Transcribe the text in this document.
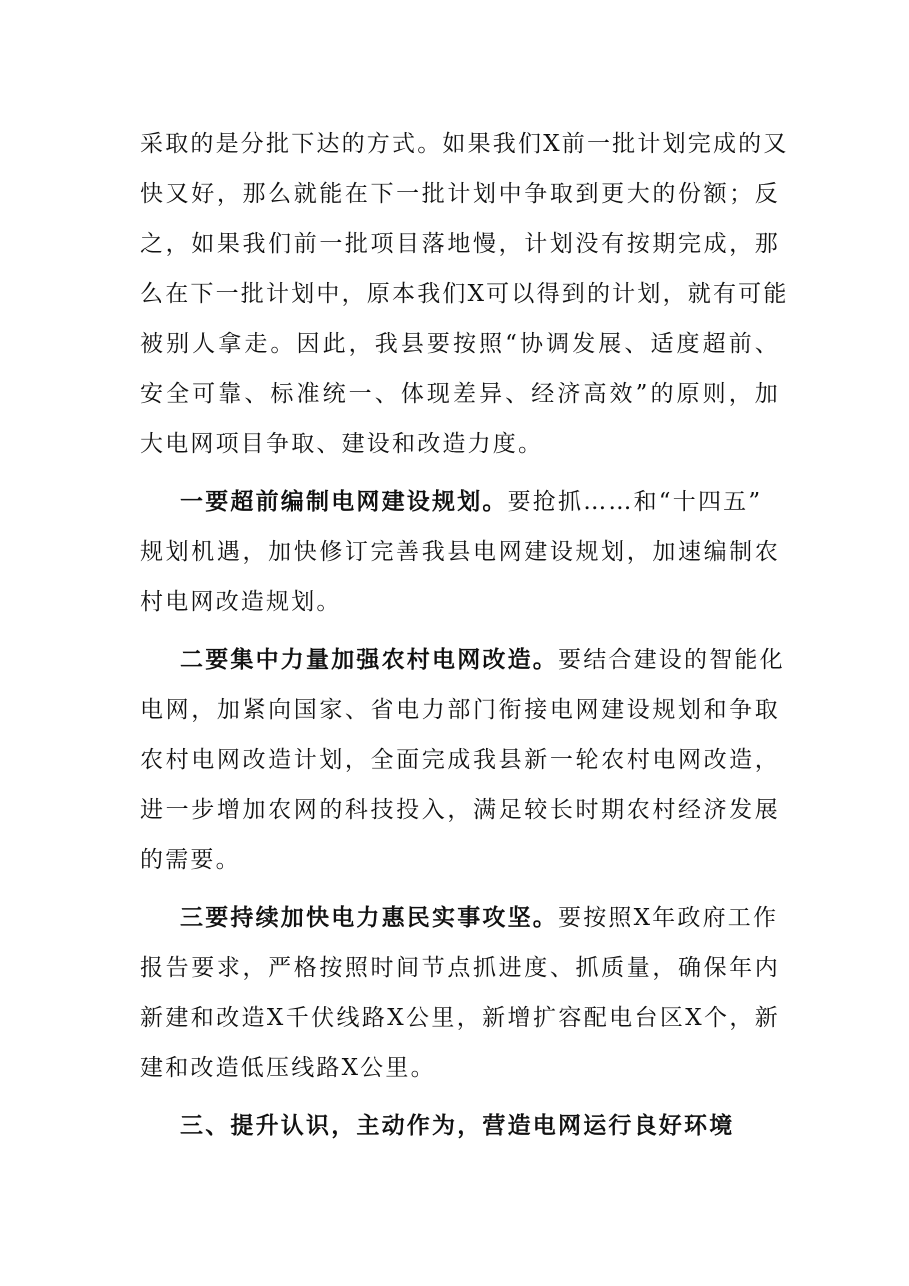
采取的是分批下达的方式。如果我们X前一批计划完成的又
快又好，那么就能在下一批计划中争取到更大的份额；反
之，如果我们前一批项目落地慢，计划没有按期完成，那
么在下一批计划中，原本我们X可以得到的计划，就有可能
被别人拿走。因此，我县要按照“协调发展、适度超前、
安全可靠、标准统一、体现差异、经济高效”的原则，加
大电网项目争取、建设和改造力度。
一要超前编制电网建设规划。要抢抓……和“十四五”
规划机遇，加快修订完善我县电网建设规划，加速编制农
村电网改造规划。
二要集中力量加强农村电网改造。要结合建设的智能化
电网，加紧向国家、省电力部门衔接电网建设规划和争取
农村电网改造计划，全面完成我县新一轮农村电网改造，
进一步增加农网的科技投入，满足较长时期农村经济发展
的需要。
三要持续加快电力惠民实事攻坚。要按照X年政府工作
报告要求，严格按照时间节点抓进度、抓质量，确保年内
新建和改造X千伏线路X公里，新增扩容配电台区X个，新
建和改造低压线路X公里。
三、提升认识，主动作为，营造电网运行良好环境
